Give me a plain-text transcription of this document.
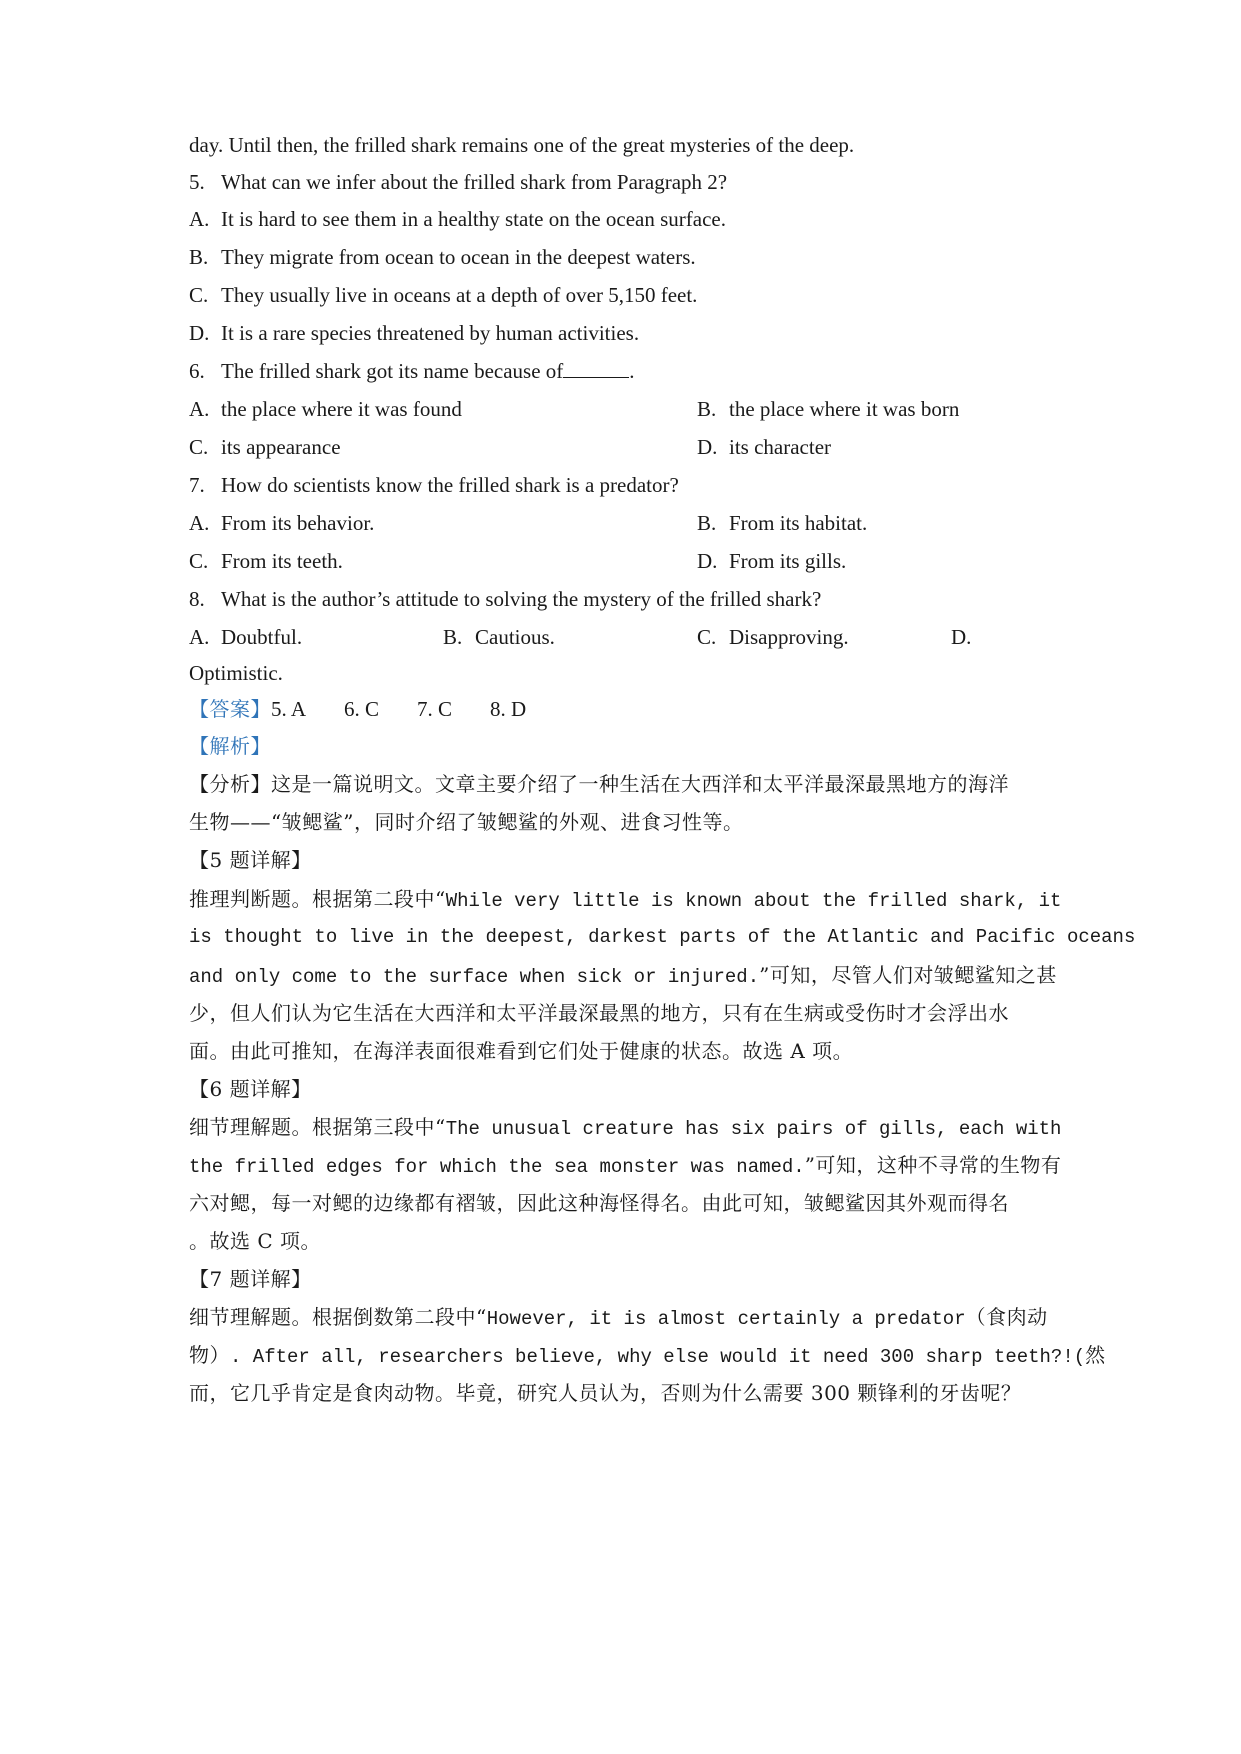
day. Until then, the frilled shark remains one of the great mysteries of the deep.
5. What can we infer about the frilled shark from Paragraph 2?
A. It is hard to see them in a healthy state on the ocean surface.
B. They migrate from ocean to ocean in the deepest waters.
C. They usually live in oceans at a depth of over 5,150 feet.
D. It is a rare species threatened by human activities.
6. The frilled shark got its name because of	.
A. the place where it was found	B. the place where it was born
C. its appearance	D. its character
7. How do scientists know the frilled shark is a predator?
A. From its behavior.	B. From its habitat.
C. From its teeth.	D. From its gills.
8. What is the author’s attitude to solving the mystery of the frilled shark?
A. Doubtful.	B. Cautious.	C. Disapproving.	D.
Optimistic.
【答案】5. A 6. C 7. C 8. D
【解析】
【分析】这是一篇说明文。文章主要介绍了一种生活在大西洋和太平洋最深最黑地方的海洋
生物——“皱鳃鲨”，同时介绍了皱鳃鲨的外观、进食习性等。
【5 题详解】
推理判断题。根据第二段中“While very little is known about the frilled shark, it
is thought to live in the deepest, darkest parts of the Atlantic and Pacific oceans
and only come to the surface when sick or injured.”可知，尽管人们对皱鳃鲨知之甚
少，但人们认为它生活在大西洋和太平洋最深最黑的地方，只有在生病或受伤时才会浮出水
面。由此可推知，在海洋表面很难看到它们处于健康的状态。故选 A 项。
【6 题详解】
细节理解题。根据第三段中“The unusual creature has six pairs of gills, each with
the frilled edges for which the sea monster was named.”可知，这种不寻常的生物有
六对鳃，每一对鳃的边缘都有褶皱，因此这种海怪得名。由此可知，皱鳃鲨因其外观而得名
。故选 C 项。
【7 题详解】
细节理解题。根据倒数第二段中“However, it is almost certainly a predator（食肉动
物）. After all, researchers believe, why else would it need 300 sharp teeth?!(然
而，它几乎肯定是食肉动物。毕竟，研究人员认为，否则为什么需要 300 颗锋利的牙齿呢？
